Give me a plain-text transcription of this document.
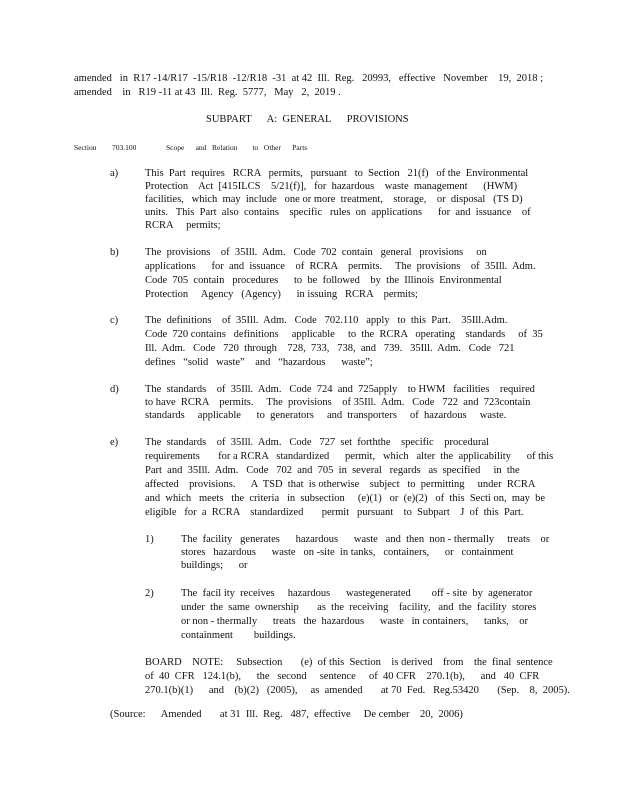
amended   in  R17 -14/R17  -15/R18  -12/R18  -31  at 42  Ill.  Reg.   20993,   effective   November    19,  2018 ;
amended    in   R19 -11 at 43  Ill.  Reg.  5777,   May   2,  2019 .
SUBPART      A:  GENERAL      PROVISIONS
Section 703.100	Scope      and   Relation        to   Other      Parts
a)	This  Part  requires   RCRA   permits,   pursuant   to  Section   21(f)   of the  Environmental
Protection    Act  [415ILCS    5/21(f)],   for  hazardous    waste  management      (HWM)
facilities,   which  may  include   one or more  treatment,    storage,    or  disposal   (TS D)
units.   This  Part  also  contains    specific   rules  on  applications      for  and  issuance    of
RCRA     permits;
b)	The  provisions    of  35Ill.  Adm.   Code  702  contain   general   provisions     on
applications      for  and  issuance    of  RCRA    permits.     The  provisions    of  35Ill.  Adm.
Code  705  contain   procedures      to  be  followed    by  the  Illinois  Environmental
Protection     Agency   (Agency)      in issuing   RCRA    permits;
c)	The  definitions    of  35Ill.  Adm.   Code   702.110   apply   to  this  Part.    35Ill.Adm.
Code  720 contains   definitions     applicable     to  the  RCRA   operating    standards     of  35
Ill.  Adm.   Code   720  through    728,  733,   738,  and   739.   35Ill.  Adm.   Code   721
defines   “solid   waste”    and   “hazardous      waste”;
d)	The  standards    of  35Ill.  Adm.   Code  724  and  725apply    to HWM   facilities    required
to have  RCRA    permits.     The  provisions    of 35Ill.  Adm.   Code   722  and  723contain
standards     applicable      to  generators     and  transporters     of  hazardous     waste.
e)	The  standards    of  35Ill.  Adm.   Code   727  set  forththe    specific    procedural
requirements       for a RCRA   standardized      permit,   which   alter  the  applicability      of this
Part  and  35Ill.  Adm.   Code   702  and  705  in  several   regards   as  specified     in  the
affected    provisions.      A  TSD  that  is otherwise    subject   to  permitting     under  RCRA
and  which   meets   the  criteria   in  subsection     (e)(1)   or  (e)(2)   of  this  Secti on,  may  be
eligible   for  a  RCRA    standardized       permit   pursuant    to  Subpart    J  of  this  Part.
1)	The  facility   generates      hazardous      waste   and  then  non - thermally     treats    or
stores   hazardous      waste   on -site  in tanks,   containers,      or   containment
buildings;      or
2)	The  facil ity  receives     hazardous      wastegenerated        off - site  by  agenerator
under  the  same  ownership       as  the  receiving    facility,   and  the  facility  stores
or non - thermally      treats   the  hazardous      waste   in containers,      tanks,    or
containment        buildings.
BOARD    NOTE:     Subsection       (e)  of this  Section    is derived    from    the  final  sentence
of  40  CFR   124.1(b),      the   second     sentence     of  40 CFR    270.1(b),      and   40  CFR
270.1(b)(1)      and    (b)(2)   (2005),     as  amended       at 70  Fed.   Reg.53420       (Sep.    8,  2005).
(Source:      Amended       at 31  Ill.  Reg.   487,  effective     De cember    20,  2006)
